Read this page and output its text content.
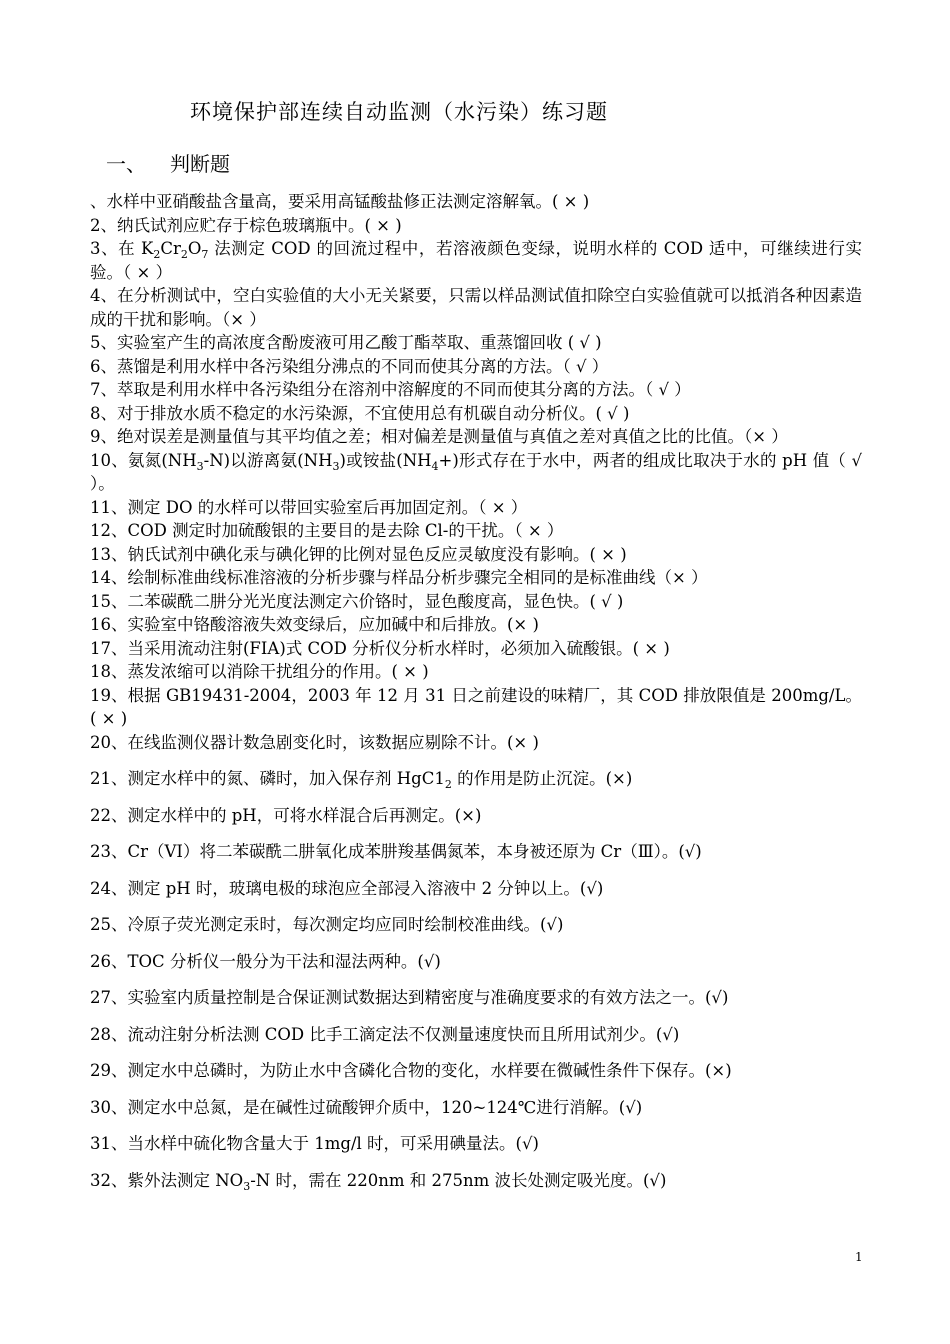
环境保护部连续自动监测（水污染）练习题
一、 判断题

、水样中亚硝酸盐含量高，要采用高锰酸盐修正法测定溶解氧。( × )

2、纳氏试剂应贮存于棕色玻璃瓶中。( × )

3、在 $K_2Cr_2O_7$ 法测定 COD 的回流过程中，若溶液颜色变绿，说明水样的 COD 适中，可继续进行实验。（ × ）

4、在分析测试中，空白实验值的大小无关紧要，只需以样品测试值扣除空白实验值就可以抵消各种因素造成的干扰和影响。（× ）

5、实验室产生的高浓度含酚废液可用乙酸丁酯萃取、重蒸馏回收 ( √ )

6、蒸馏是利用水样中各污染组分沸点的不同而使其分离的方法。（ √ ）

7、萃取是利用水样中各污染组分在溶剂中溶解度的不同而使其分离的方法。（ √ ）

8、对于排放水质不稳定的水污染源，不宜使用总有机碳自动分析仪。( √ )

9、绝对误差是测量值与其平均值之差；相对偏差是测量值与真值之差对真值之比的比值。（× ）

10、氨氮$(NH_3-N)$以游离氨$(NH_3)$或铵盐$(NH_4+)$形式存在于水中，两者的组成比取决于水的 pH 值（ √ ）。

11、测定 DO 的水样可以带回实验室后再加固定剂。（ × ）

12、COD 测定时加硫酸银的主要目的是去除 Cl-的干扰。（ × ）

13、钠氏试剂中碘化汞与碘化钾的比例对显色反应灵敏度没有影响。( × )

14、绘制标准曲线标准溶液的分析步骤与样品分析步骤完全相同的是标准曲线（× ）

15、二苯碳酰二肼分光光度法测定六价铬时，显色酸度高，显色快。( √ )

16、实验室中铬酸溶液失效变绿后，应加碱中和后排放。(× )

17、当采用流动注射(FIA)式 COD 分析仪分析水样时，必须加入硫酸银。( × )

18、蒸发浓缩可以消除干扰组分的作用。( × )

19、根据 GB19431-2004，2003 年 12 月 31 日之前建设的味精厂，其 COD 排放限值是 200mg/L。( × )

20、在线监测仪器计数急剧变化时，该数据应剔除不计。(× )

21、测定水样中的氮、磷时，加入保存剂 $HgC1_2$ 的作用是防止沉淀。(×)

22、测定水样中的 pH，可将水样混合后再测定。(×)

23、Cr（VI）将二苯碳酰二肼氧化成苯肼羧基偶氮苯，本身被还原为 Cr（Ⅲ）。(√)

24、测定 pH 时，玻璃电极的球泡应全部浸入溶液中 2 分钟以上。(√)

25、冷原子荧光测定汞时，每次测定均应同时绘制校准曲线。(√)

26、TOC 分析仪一般分为干法和湿法两种。(√)

27、实验室内质量控制是合保证测试数据达到精密度与准确度要求的有效方法之一。(√)

28、流动注射分析法测 COD 比手工滴定法不仅测量速度快而且所用试剂少。(√)

29、测定水中总磷时，为防止水中含磷化合物的变化，水样要在微碱性条件下保存。(×)

30、测定水中总氮，是在碱性过硫酸钾介质中，120~124℃进行消解。(√)

31、当水样中硫化物含量大于 1mg/l 时，可采用碘量法。(√)

32、紫外法测定 $NO_3-N$ 时，需在 220nm 和 275nm 波长处测定吸光度。(√)

1
